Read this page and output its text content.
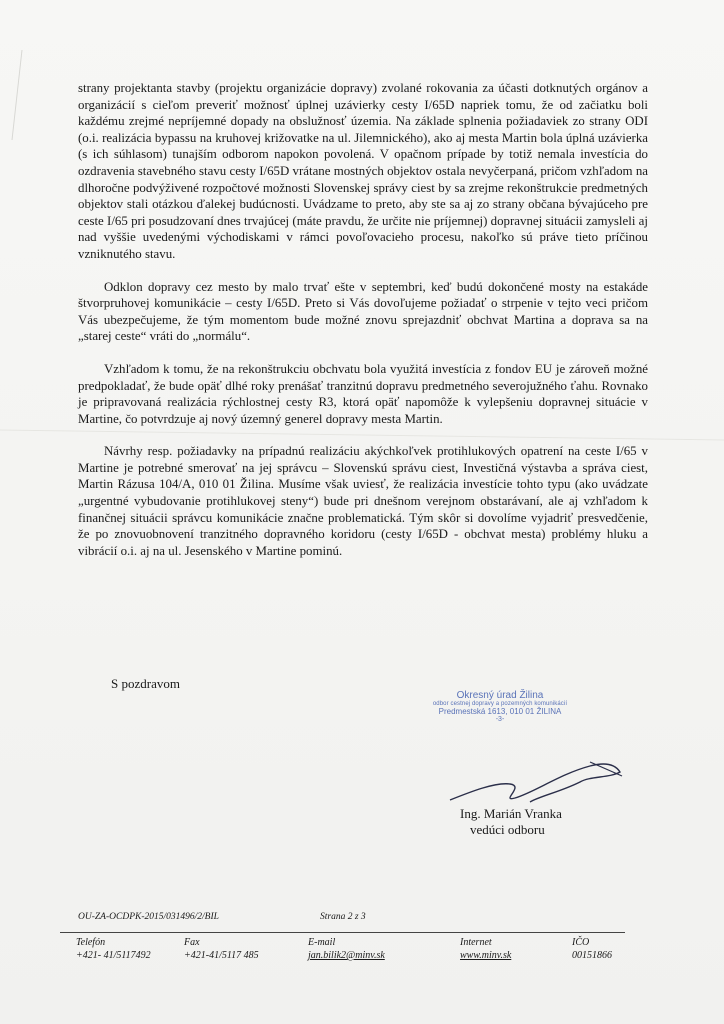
strany projektanta stavby (projektu organizácie dopravy) zvolané rokovania za účasti dotknutých orgánov a organizácií s cieľom preveriť možnosť úplnej uzávierky cesty I/65D napriek tomu, že od začiatku boli každému zrejmé nepríjemné dopady na obslužnosť územia. Na základe splnenia požiadaviek zo strany ODI (o.i. realizácia bypassu na kruhovej križovatke na ul. Jilemnického), ako aj mesta Martin bola úplná uzávierka (s ich súhlasom) tunajším odborom napokon povolená. V opačnom prípade by totiž nemala investícia do ozdravenia stavebného stavu cesty I/65D vrátane mostných objektov ostala nevyčerpaná, pričom vzhľadom na dlhoročne podvýživené rozpočtové možnosti Slovenskej správy ciest by sa zrejme rekonštrukcie predmetných objektov stali otázkou ďalekej budúcnosti. Uvádzame to preto, aby ste sa aj zo strany občana bývajúceho pre ceste I/65 pri posudzovaní dnes trvajúcej (máte pravdu, že určite nie príjemnej) dopravnej situácii zamysleli aj nad vyššie uvedenými východiskami v rámci povoľovacieho procesu, nakoľko sú práve tieto príčinou vzniknutého stavu.

Odklon dopravy cez mesto by malo trvať ešte v septembri, keď budú dokončené mosty na estakáde štvorpruhovej komunikácie – cesty I/65D. Preto si Vás dovoľujeme požiadať o strpenie v tejto veci pričom Vás ubezpečujeme, že tým momentom bude možné znovu sprejazdniť obchvat Martina a doprava sa na „starej ceste“ vráti do „normálu“.

Vzhľadom k tomu, že na rekonštrukciu obchvatu bola využitá investícia z fondov EU je zároveň možné predpokladať, že bude opäť dlhé roky prenášať tranzitnú dopravu predmetného severojužného ťahu. Rovnako je pripravovaná realizácia rýchlostnej cesty R3, ktorá opäť napomôže k vylepšeniu dopravnej situácie v Martine, čo potvrdzuje aj nový územný generel dopravy mesta Martin.

Návrhy resp. požiadavky na prípadnú realizáciu akýchkoľvek protihlukových opatrení na ceste I/65 v Martine je potrebné smerovať na jej správcu – Slovenskú správu ciest, Investičná výstavba a správa ciest, Martin Rázusa 104/A, 010 01 Žilina. Musíme však uviesť, že realizácia investície tohto typu (ako uvádzate „urgentné vybudovanie protihlukovej steny“) bude pri dnešnom verejnom obstarávaní, ale aj vzhľadom k finančnej situácii správcu komunikácie značne problematická. Tým skôr si dovolíme vyjadriť presvedčenie, že po znovuobnovení tranzitného dopravného koridoru (cesty I/65D - obchvat mesta) problémy hluku a vibrácií o.i. aj na ul. Jesenského v Martine pominú.

S pozdravom
Okresný úrad Žilina
odbor cestnej dopravy a pozemných komunikácií
Predmestská 1613, 010 01 ŽILINA
-3-
Ing. Marián Vranka
vedúci odboru
OU-ZA-OCDPK-2015/031496/2/BIL	Strana 2 z 3
Telefón
+421- 41/5117492
Fax
+421-41/5117 485
E-mail
jan.bilik2@minv.sk
Internet
www.minv.sk
IČO
00151866
